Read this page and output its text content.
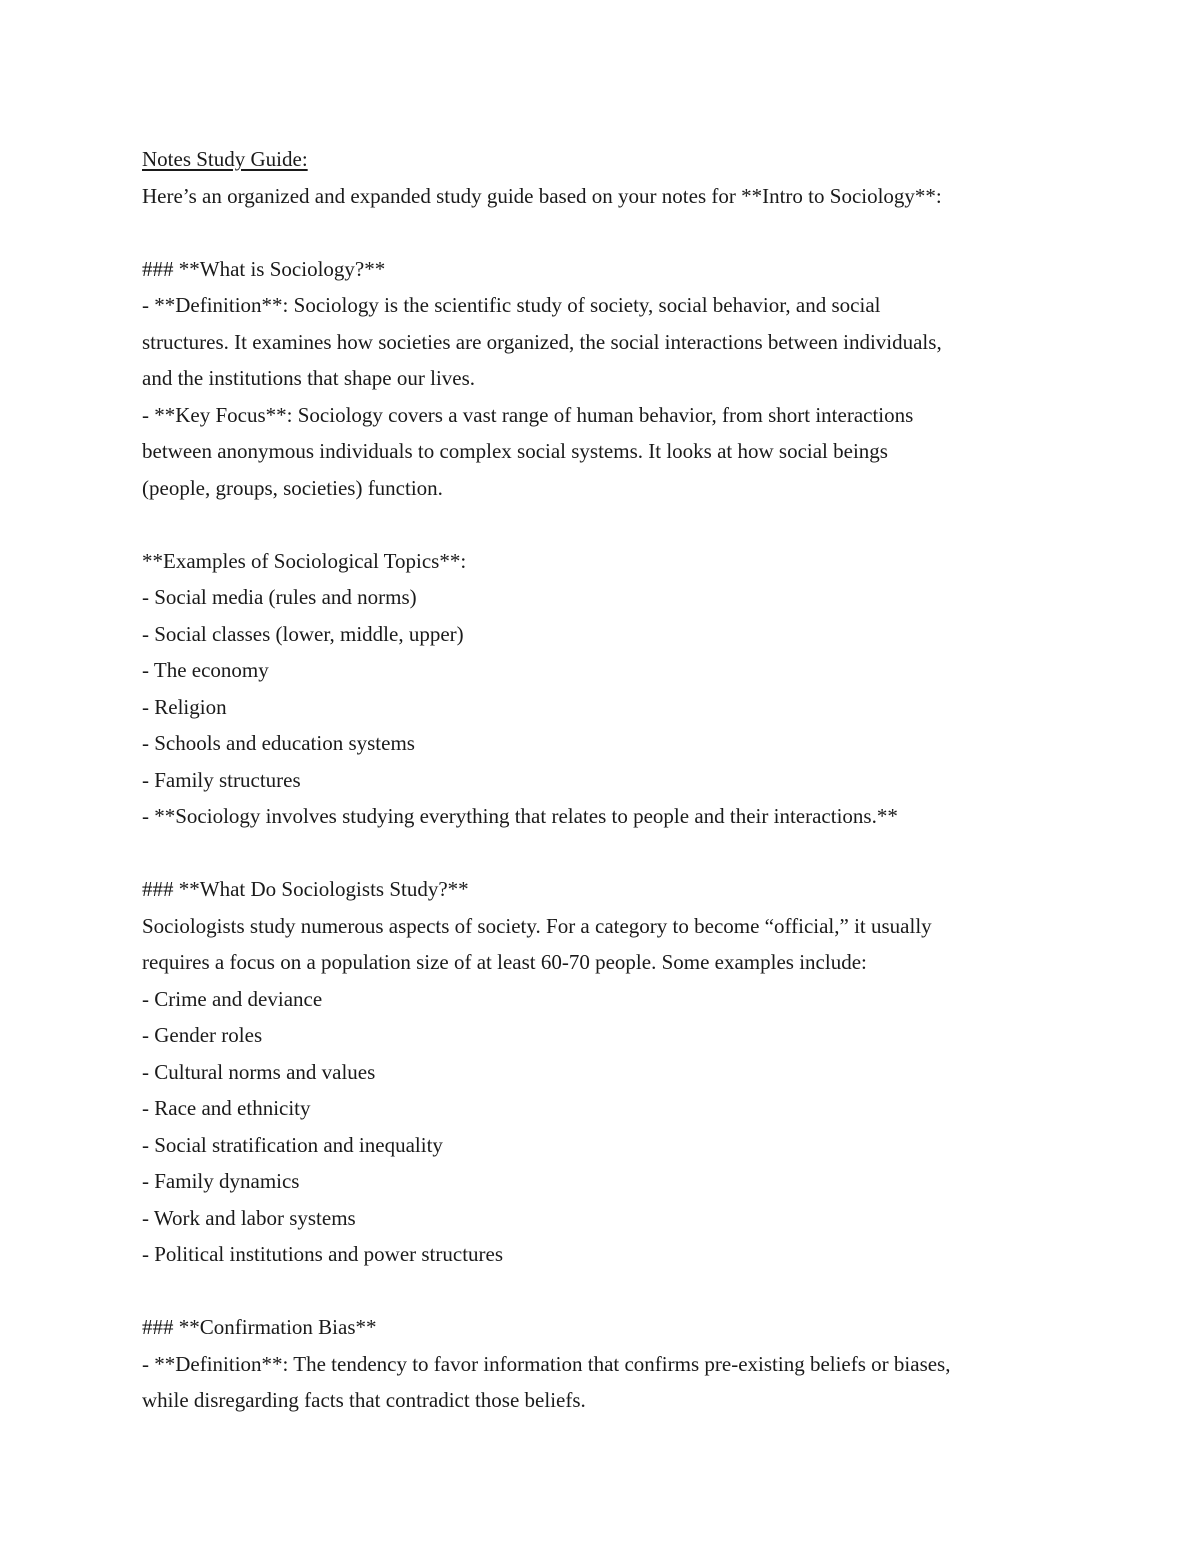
Notes Study Guide:
Here’s an organized and expanded study guide based on your notes for **Intro to Sociology**:
### **What is Sociology?**
- **Definition**: Sociology is the scientific study of society, social behavior, and social
structures. It examines how societies are organized, the social interactions between individuals,
and the institutions that shape our lives.
- **Key Focus**: Sociology covers a vast range of human behavior, from short interactions
between anonymous individuals to complex social systems. It looks at how social beings
(people, groups, societies) function.
**Examples of Sociological Topics**:
- Social media (rules and norms)
- Social classes (lower, middle, upper)
- The economy
- Religion
- Schools and education systems
- Family structures
- **Sociology involves studying everything that relates to people and their interactions.**
### **What Do Sociologists Study?**
Sociologists study numerous aspects of society. For a category to become “official,” it usually
requires a focus on a population size of at least 60-70 people. Some examples include:
- Crime and deviance
- Gender roles
- Cultural norms and values
- Race and ethnicity
- Social stratification and inequality
- Family dynamics
- Work and labor systems
- Political institutions and power structures
### **Confirmation Bias**
- **Definition**: The tendency to favor information that confirms pre-existing beliefs or biases,
while disregarding facts that contradict those beliefs.
